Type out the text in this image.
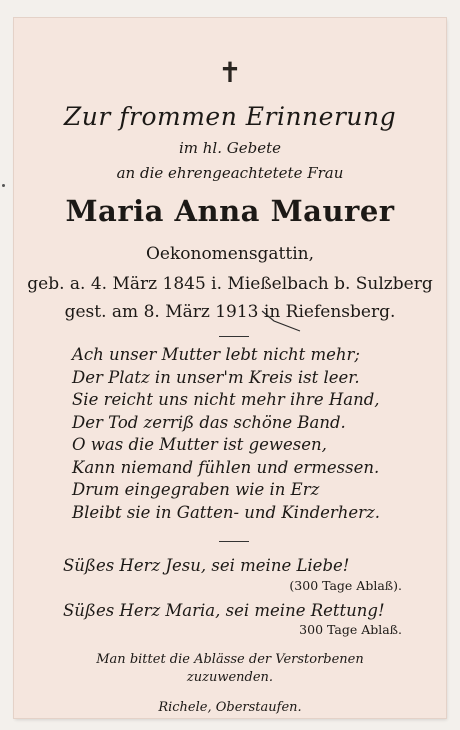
✝
Zur frommen Erinnerung
im hl. Gebete
an die ehrengeachtetete Frau
Maria Anna Maurer
Oekonomensgattin,
geb. a. 4. März 1845 i. Mießelbach b. Sulzberg
gest. am 8. März 1913 in Riefensberg.
Ach unser Mutter lebt nicht mehr;
Der Platz in unser'm Kreis ist leer.
Sie reicht uns nicht mehr ihre Hand,
Der Tod zerriß das schöne Band.
O was die Mutter ist gewesen,
Kann niemand fühlen und ermessen.
Drum eingegraben wie in Erz
Bleibt sie in Gatten- und Kinderherz.
Süßes Herz Jesu, sei meine Liebe!
(300 Tage Ablaß).
Süßes Herz Maria, sei meine Rettung!
300 Tage Ablaß.
Man bittet die Ablässe der Verstorbenen
zuzuwenden.
Richele, Oberstaufen.
